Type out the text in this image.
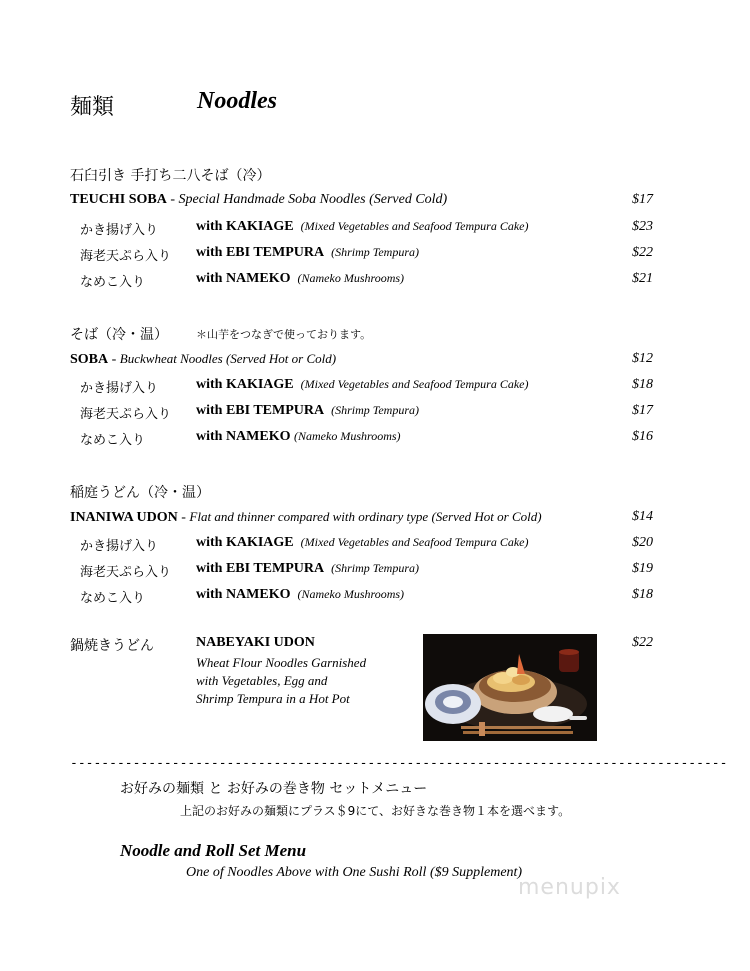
麺類	Noodles
石臼引き 手打ち二八そば（冷）
TEUCHI SOBA - Special Handmade Soba Noodles (Served Cold)	$17
かき揚げ入り	with KAKIAGE (Mixed Vegetables and Seafood Tempura Cake)	$23
海老天ぷら入り with EBI TEMPURA (Shrimp Tempura)	$22
なめこ入り	with NAMEKO (Nameko Mushrooms)	$21
そば（冷・温）	＊山芋をつなぎで使っております。
SOBA - Buckwheat Noodles (Served Hot or Cold)	$12
かき揚げ入り	with KAKIAGE (Mixed Vegetables and Seafood Tempura Cake)	$18
海老天ぷら入り with EBI TEMPURA (Shrimp Tempura)	$17
なめこ入り	with NAMEKO (Nameko Mushrooms)	$16
稲庭うどん（冷・温）
INANIWA UDON - Flat and thinner compared with ordinary type (Served Hot or Cold)	$14
かき揚げ入り	with KAKIAGE (Mixed Vegetables and Seafood Tempura Cake)	$20
海老天ぷら入り with EBI TEMPURA (Shrimp Tempura)	$19
なめこ入り	with NAMEKO (Nameko Mushrooms)	$18
鍋焼きうどん	NABEYAKI UDON
Wheat Flour Noodles Garnished
with Vegetables, Egg and
Shrimp Tempura in a Hot Pot
$22
------------------------------------------------------------------------------------
お好みの麺類 と お好みの巻き物 セットメニュー
上記のお好みの麺類にプラス＄9にて、お好きな巻き物１本を選べます。
Noodle and Roll Set Menu
One of Noodles Above with One Sushi Roll ($9 Supplement)
menupix
